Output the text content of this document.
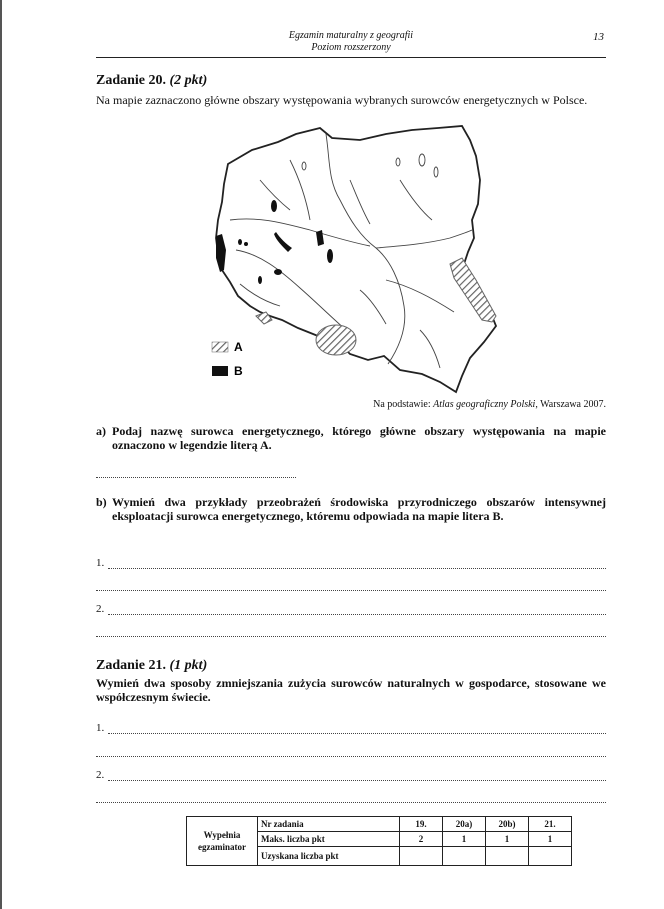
Egzamin maturalny z geografii
Poziom rozszerzony
13
Zadanie 20. (2 pkt)
Na mapie zaznaczono główne obszary występowania wybranych surowców energetycznych w Polsce.
A
B
Na podstawie: Atlas geograficzny Polski, Warszawa 2007.
a) Podaj nazwę surowca energetycznego, którego główne obszary występowania na mapie oznaczono w legendzie literą A.
b) Wymień dwa przykłady przeobrażeń środowiska przyrodniczego obszarów intensywnej eksploatacji surowca energetycznego, któremu odpowiada na mapie litera B.
1.
2.
Zadanie 21. (1 pkt)
Wymień dwa sposoby zmniejszania zużycia surowców naturalnych w gospodarce, stosowane we współczesnym świecie.
1.
2.
Wypełnia egzaminator	Nr zadania	19.	20a)	20b)	21.
	Maks. liczba pkt	2	1	1	1
	Uzyskana liczba pkt				
